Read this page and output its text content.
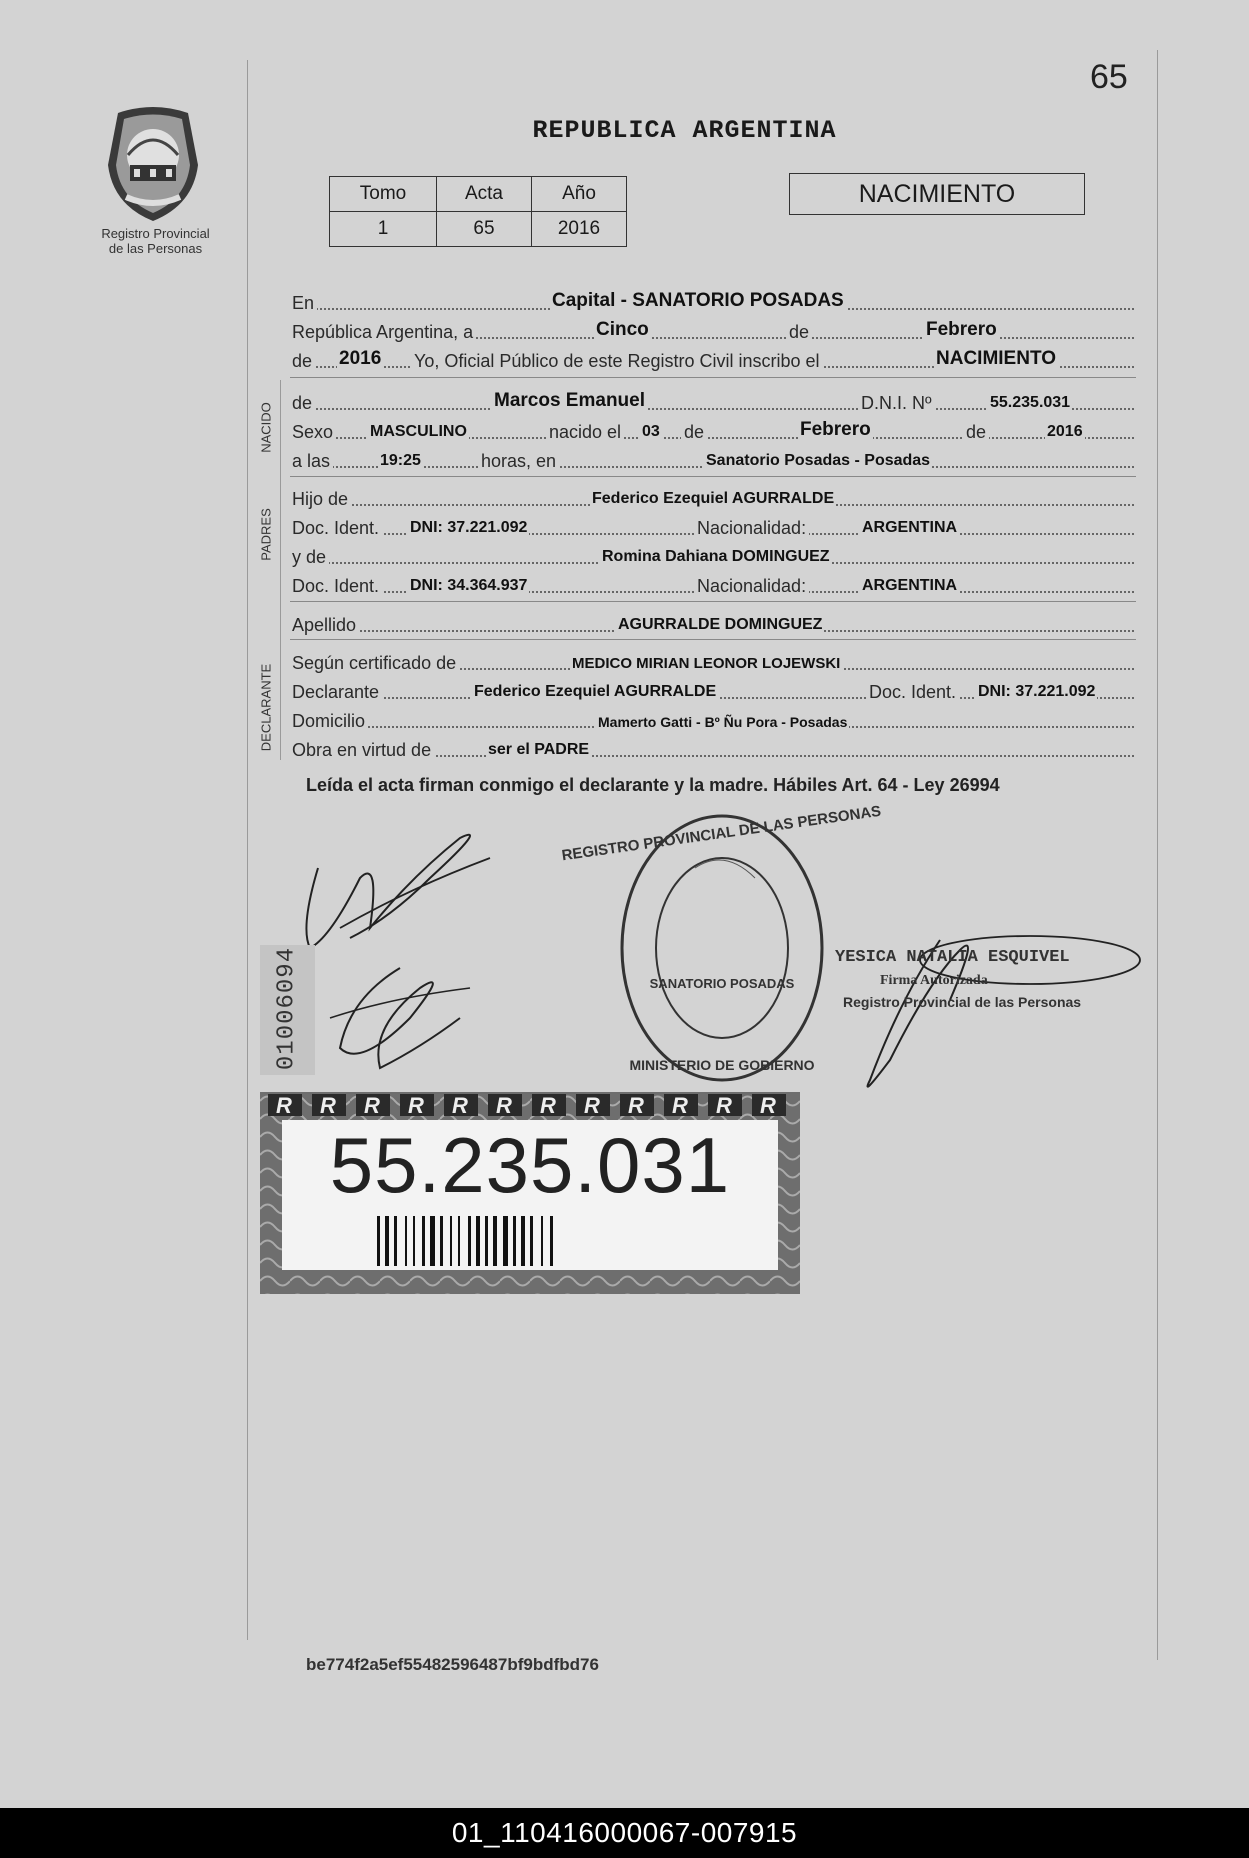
65
Registro Provincial
de las Personas
REPUBLICA ARGENTINA
Tomo	Acta	Año
1	65	2016
NACIMIENTO
En	Capital - SANATORIO POSADAS
República Argentina, a	Cinco	de	Febrero
de 2016 Yo, Oficial Público de este Registro Civil inscribo el	NACIMIENTO
NACIDO de	Marcos Emanuel	D.N.I. Nº	55.235.031
Sexo MASCULINO	nacido el 03 de	Febrero	de	2016
a las	19:25	horas, en	Sanatorio Posadas - Posadas
PADRES
Hijo de	Federico Ezequiel AGURRALDE
Doc. Ident. DNI: 37.221.092	Nacionalidad:	ARGENTINA
y de	Romina Dahiana DOMINGUEZ
Doc. Ident. DNI: 34.364.937	Nacionalidad:	ARGENTINA
Apellido	AGURRALDE DOMINGUEZ
DECLARANTE
Según certificado de	MEDICO MIRIAN LEONOR LOJEWSKI
Declarante	Federico Ezequiel AGURRALDE	Doc. Ident. DNI: 37.221.092
Domicilio	Mamerto Gatti - Bº Ñu Pora - Posadas
Obra en virtud de	ser el PADRE
Leída el acta firman conmigo el declarante y la madre. Hábiles Art. 64 - Ley 26994
REGISTRO PROVINCIAL DE LAS PERSONAS
SANATORIO POSADAS
MINISTERIO DE GOBIERNO
YESICA NATALIA ESQUIVEL
Firma Autorizada
Registro Provincial de las Personas
01006094
R R R R R R R R R R R R
55.235.031
be774f2a5ef55482596487bf9bdfbd76
01_110416000067-007915
